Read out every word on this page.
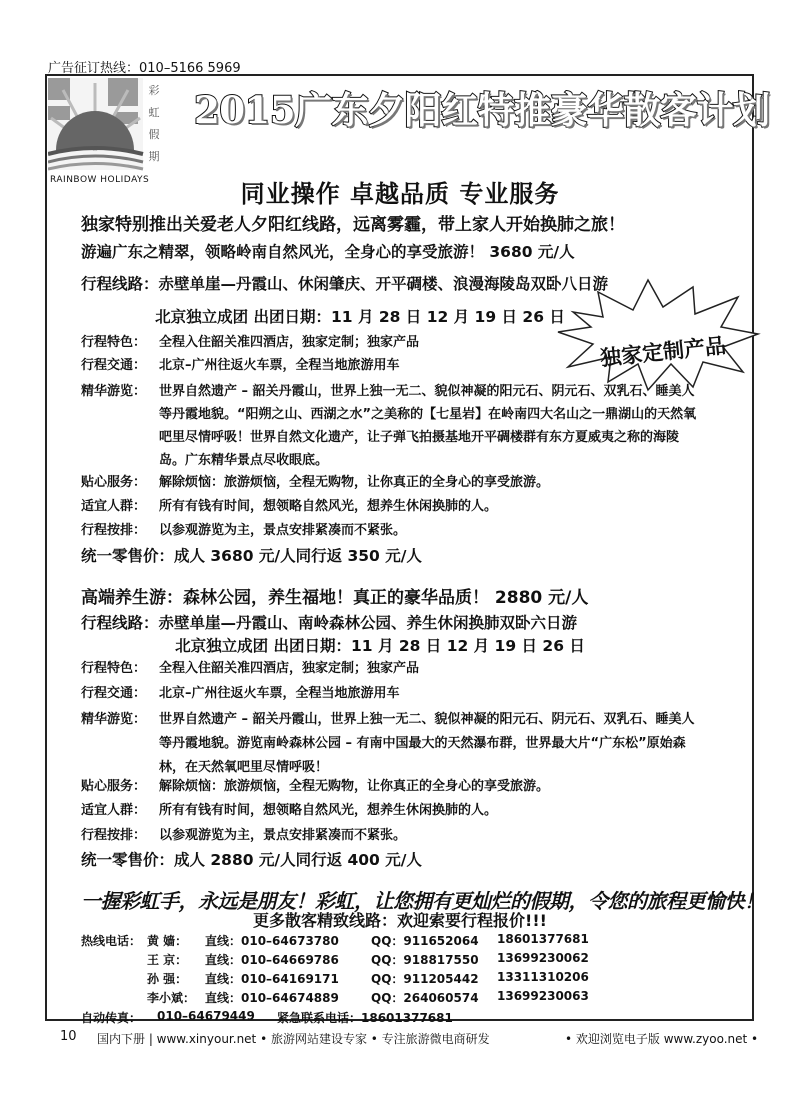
广告征订热线：010–5166 5969
彩
虹
假
期
RAINBOW HOLIDAYS
2015广东夕阳红特推豪华散客计划
同业操作 卓越品质 专业服务
独家特别推出关爱老人夕阳红线路，远离雾霾，带上家人开始换肺之旅！
游遍广东之精翠，领略岭南自然风光，全身心的享受旅游！ 3680 元/人
行程线路：赤壁单崖—丹霞山、休闲肇庆、开平碉楼、浪漫海陵岛双卧八日游
北京独立成团 出团日期：11 月 28 日 12 月 19 日 26 日
独家定制产品
行程特色： 全程入住韶关准四酒店，独家定制；独家产品
行程交通： 北京–广州往返火车票，全程当地旅游用车
精华游览： 世界自然遗产 – 韶关丹霞山，世界上独一无二、貌似神凝的阳元石、阴元石、双乳石、睡美人等丹霞地貌。“阳朔之山、西湖之水”之美称的【七星岩】在岭南四大名山之一鼎湖山的天然氧吧里尽情呼吸！世界自然文化遗产，让子弹飞拍摄基地开平碉楼群有东方夏威夷之称的海陵岛。广东精华景点尽收眼底。
贴心服务： 解除烦恼：旅游烦恼，全程无购物，让你真正的全身心的享受旅游。
适宜人群： 所有有钱有时间，想领略自然风光，想养生休闲换肺的人。
行程按排： 以参观游览为主，景点安排紧凑而不紧张。
统一零售价：成人 3680 元/人同行返 350 元/人
高端养生游：森林公园，养生福地！真正的豪华品质！ 2880 元/人
行程线路：赤壁单崖—丹霞山、南岭森林公园、养生休闲换肺双卧六日游
北京独立成团 出团日期：11 月 28 日 12 月 19 日 26 日
行程特色： 全程入住韶关准四酒店，独家定制；独家产品
行程交通： 北京–广州往返火车票，全程当地旅游用车
精华游览： 世界自然遗产 – 韶关丹霞山，世界上独一无二、貌似神凝的阳元石、阴元石、双乳石、睡美人等丹霞地貌。游览南岭森林公园 – 有南中国最大的天然瀑布群，世界最大片“广东松”原始森林，在天然氧吧里尽情呼吸！
贴心服务： 解除烦恼：旅游烦恼，全程无购物，让你真正的全身心的享受旅游。
适宜人群： 所有有钱有时间，想领略自然风光，想养生休闲换肺的人。
行程按排： 以参观游览为主，景点安排紧凑而不紧张。
统一零售价：成人 2880 元/人同行返 400 元/人
一握彩虹手，永远是朋友！彩虹，让您拥有更灿烂的假期，令您的旅程更愉快！
更多散客精致线路：欢迎索要行程报价!!!
热线电话： 黄 嫱： 直线：010–64673780	QQ：911652064 18601377681
王 京： 直线：010–64669786	QQ：918817550 13699230062
孙 强： 直线：010–64169171	QQ：911205442 13311310206
李小斌： 直线：010–64674889	QQ：264060574 13699230063
自动传真： 010–64679449 紧急联系电话：18601377681
10 国内下册 | www.xinyour.net • 旅游网站建设专家 • 专注旅游微电商研发	• 欢迎浏览电子版 www.zyoo.net •
